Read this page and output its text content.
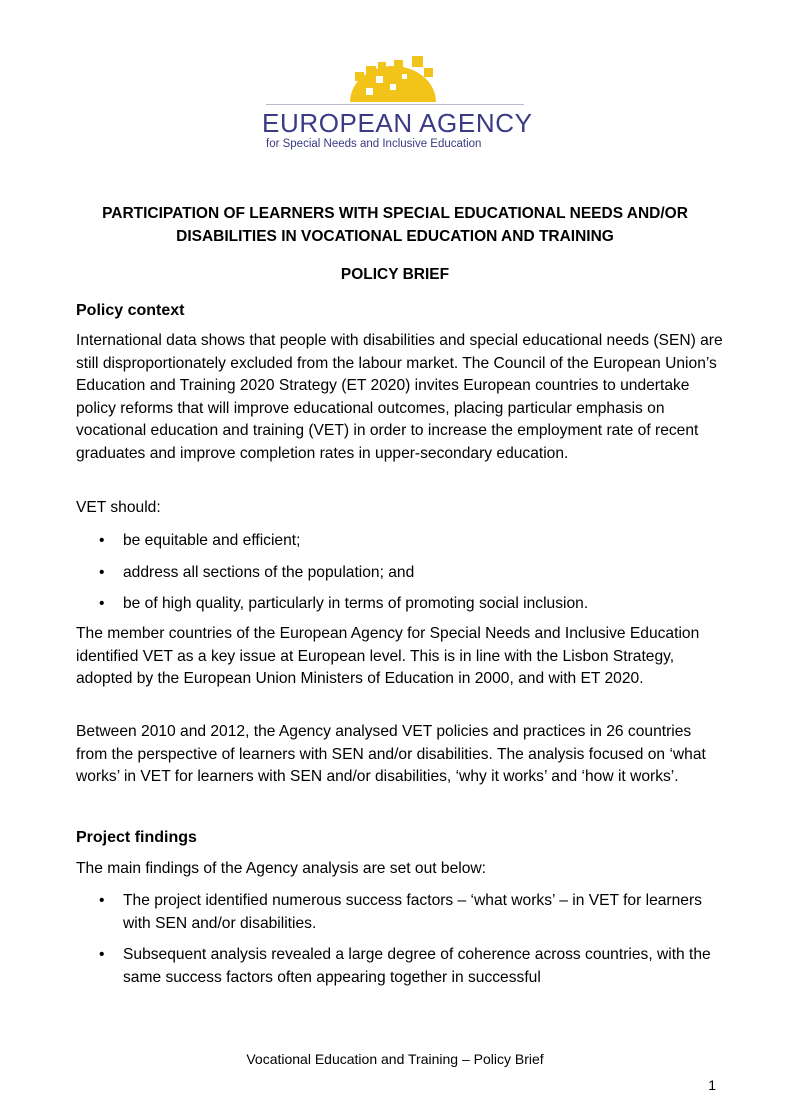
EUROPEAN AGENCY
for Special Needs and Inclusive Education
PARTICIPATION OF LEARNERS WITH SPECIAL EDUCATIONAL NEEDS AND/OR DISABILITIES IN VOCATIONAL EDUCATION AND TRAINING
POLICY BRIEF
Policy context

International data shows that people with disabilities and special educational needs (SEN) are still disproportionately excluded from the labour market. The Council of the European Union’s Education and Training 2020 Strategy (ET 2020) invites European countries to undertake policy reforms that will improve educational outcomes, placing particular emphasis on vocational education and training (VET) in order to increase the employment rate of recent graduates and improve completion rates in upper-secondary education.

VET should:

• be equitable and efficient;
• address all sections of the population; and
• be of high quality, particularly in terms of promoting social inclusion.

The member countries of the European Agency for Special Needs and Inclusive Education identified VET as a key issue at European level. This is in line with the Lisbon Strategy, adopted by the European Union Ministers of Education in 2000, and with ET 2020.

Between 2010 and 2012, the Agency analysed VET policies and practices in 26 countries from the perspective of learners with SEN and/or disabilities. The analysis focused on ‘what works’ in VET for learners with SEN and/or disabilities, ‘why it works’ and ‘how it works’.

Project findings

The main findings of the Agency analysis are set out below:

• The project identified numerous success factors – ‘what works’ – in VET for learners with SEN and/or disabilities.
• Subsequent analysis revealed a large degree of coherence across countries, with the same success factors often appearing together in successful
Vocational Education and Training – Policy Brief
1
